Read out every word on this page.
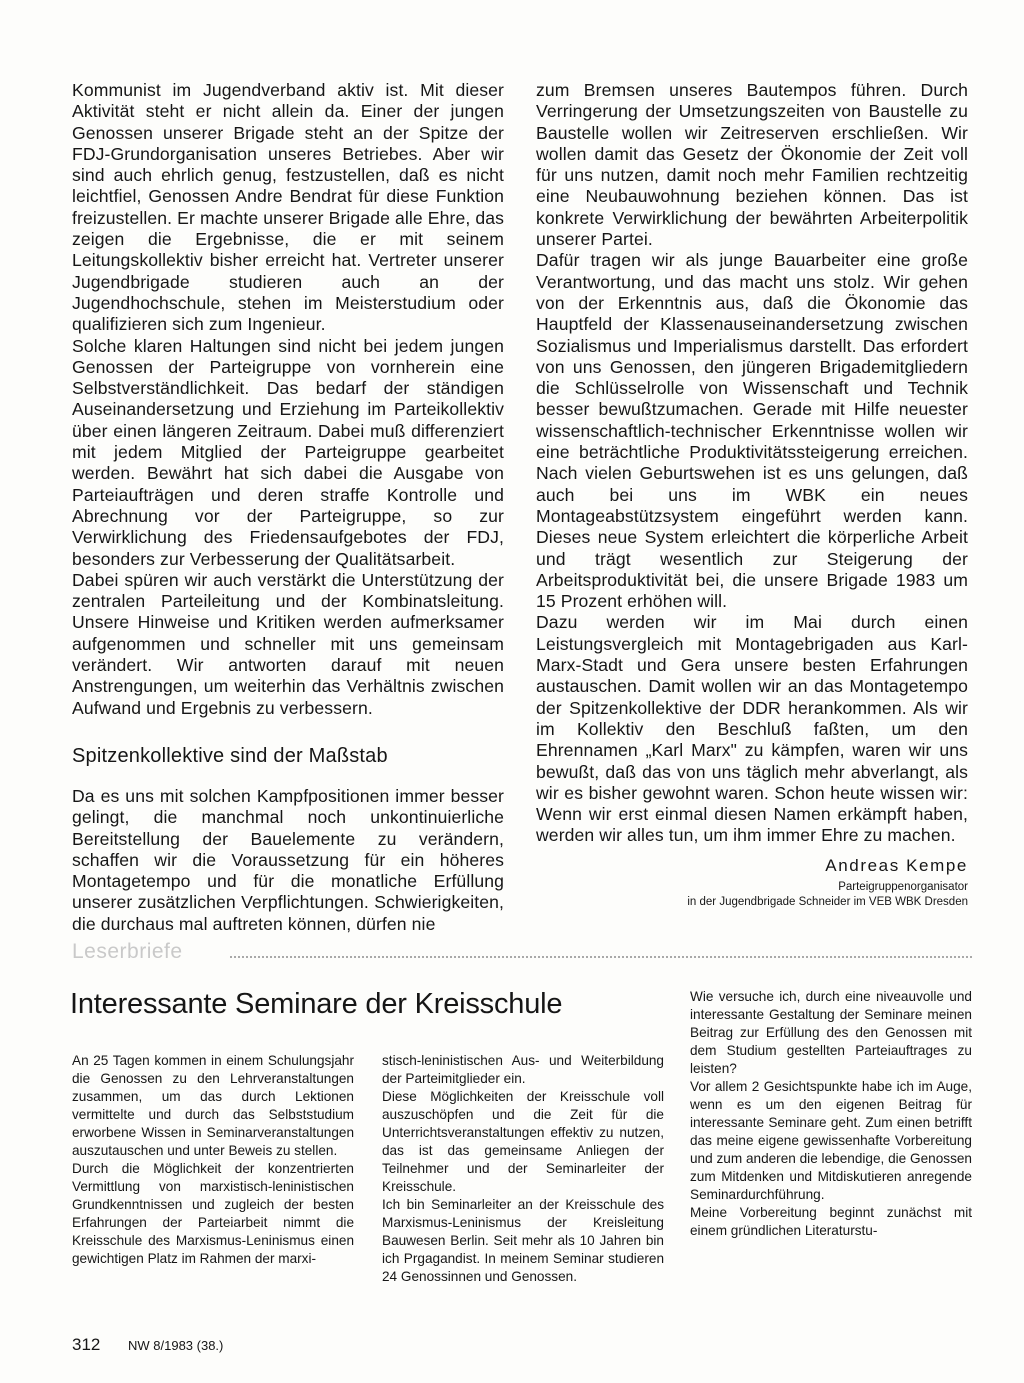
Kommunist im Jugendverband aktiv ist. Mit dieser Aktivität steht er nicht allein da. Einer der jungen Genossen unserer Brigade steht an der Spitze der FDJ-Grundorganisation unseres Betriebes. Aber wir sind auch ehrlich genug, festzustellen, daß es nicht leichtfiel, Genossen Andre Bendrat für diese Funktion freizustellen. Er machte unserer Brigade alle Ehre, das zeigen die Ergebnisse, die er mit seinem Leitungskollektiv bisher erreicht hat. Vertreter unserer Jugendbrigade studieren auch an der Jugendhochschule, stehen im Meisterstudium oder qualifizieren sich zum Ingenieur.

Solche klaren Haltungen sind nicht bei jedem jungen Genossen der Parteigruppe von vornherein eine Selbstverständlichkeit. Das bedarf der ständigen Auseinandersetzung und Erziehung im Parteikollektiv über einen längeren Zeitraum. Dabei muß differenziert mit jedem Mitglied der Parteigruppe gearbeitet werden. Bewährt hat sich dabei die Ausgabe von Parteiaufträgen und deren straffe Kontrolle und Abrechnung vor der Parteigruppe, so zur Verwirklichung des Friedensaufgebotes der FDJ, besonders zur Verbesserung der Qualitätsarbeit.

Dabei spüren wir auch verstärkt die Unterstützung der zentralen Parteileitung und der Kombinatsleitung. Unsere Hinweise und Kritiken werden aufmerksamer aufgenommen und schneller mit uns gemeinsam verändert. Wir antworten darauf mit neuen Anstrengungen, um weiterhin das Verhältnis zwischen Aufwand und Ergebnis zu verbessern.

Spitzenkollektive sind der Maßstab

Da es uns mit solchen Kampfpositionen immer besser gelingt, die manchmal noch unkontinuierliche Bereitstellung der Bauelemente zu verändern, schaffen wir die Voraussetzung für ein höheres Montagetempo und für die monatliche Erfüllung unserer zusätzlichen Verpflichtungen. Schwierigkeiten, die durchaus mal auftreten können, dürfen nie

zum Bremsen unseres Bautempos führen. Durch Verringerung der Umsetzungszeiten von Baustelle zu Baustelle wollen wir Zeitreserven erschließen. Wir wollen damit das Gesetz der Ökonomie der Zeit voll für uns nutzen, damit noch mehr Familien rechtzeitig eine Neubauwohnung beziehen können. Das ist konkrete Verwirklichung der bewährten Arbeiterpolitik unserer Partei.

Dafür tragen wir als junge Bauarbeiter eine große Verantwortung, und das macht uns stolz. Wir gehen von der Erkenntnis aus, daß die Ökonomie das Hauptfeld der Klassenauseinandersetzung zwischen Sozialismus und Imperialismus darstellt. Das erfordert von uns Genossen, den jüngeren Brigademitgliedern die Schlüsselrolle von Wissenschaft und Technik besser bewußtzumachen. Gerade mit Hilfe neuester wissenschaftlich-technischer Erkenntnisse wollen wir eine beträchtliche Produktivitätssteigerung erreichen. Nach vielen Geburtswehen ist es uns gelungen, daß auch bei uns im WBK ein neues Montageabstützsystem eingeführt werden kann. Dieses neue System erleichtert die körperliche Arbeit und trägt wesentlich zur Steigerung der Arbeitsproduktivität bei, die unsere Brigade 1983 um 15 Prozent erhöhen will.

Dazu werden wir im Mai durch einen Leistungsvergleich mit Montagebrigaden aus Karl-Marx-Stadt und Gera unsere besten Erfahrungen austauschen. Damit wollen wir an das Montagetempo der Spitzenkollektive der DDR herankommen. Als wir im Kollektiv den Beschluß faßten, um den Ehrennamen „Karl Marx" zu kämpfen, waren wir uns bewußt, daß das von uns täglich mehr abverlangt, als wir es bisher gewohnt waren. Schon heute wissen wir: Wenn wir erst einmal diesen Namen erkämpft haben, werden wir alles tun, um ihm immer Ehre zu machen.

Andreas Kempe

Parteigruppenorganisator

in der Jugendbrigade Schneider im VEB WBK Dresden

Leserbriefe
Interessante Seminare der Kreisschule

An 25 Tagen kommen in einem Schulungsjahr die Genossen zu den Lehrveranstaltungen zusammen, um das durch Lektionen vermittelte und durch das Selbststudium erworbene Wissen in Seminarveranstaltungen auszutauschen und unter Beweis zu stellen.

Durch die Möglichkeit der konzentrierten Vermittlung von marxistisch-leninistischen Grundkenntnissen und zugleich der besten Erfahrungen der Parteiarbeit nimmt die Kreisschule des Marxismus-Leninismus einen gewichtigen Platz im Rahmen der marxi-

stisch-leninistischen Aus- und Weiterbildung der Parteimitglieder ein.

Diese Möglichkeiten der Kreisschule voll auszuschöpfen und die Zeit für die Unterrichtsveranstaltungen effektiv zu nutzen, das ist das gemeinsame Anliegen der Teilnehmer und der Seminarleiter der Kreisschule.

Ich bin Seminarleiter an der Kreisschule des Marxismus-Leninismus der Kreisleitung Bauwesen Berlin. Seit mehr als 10 Jahren bin ich Prgagandist. In meinem Seminar studieren 24 Genossinnen und Genossen.

Wie versuche ich, durch eine niveauvolle und interessante Gestaltung der Seminare meinen Beitrag zur Erfüllung des den Genossen mit dem Studium gestellten Parteiauftrages zu leisten?

Vor allem 2 Gesichtspunkte habe ich im Auge, wenn es um den eigenen Beitrag für interessante Seminare geht. Zum einen betrifft das meine eigene gewissenhafte Vorbereitung und zum anderen die lebendige, die Genossen zum Mitdenken und Mitdiskutieren anregende Seminardurchführung.

Meine Vorbereitung beginnt zunächst mit einem gründlichen Literaturstu-

312 NW 8/1983 (38.)
